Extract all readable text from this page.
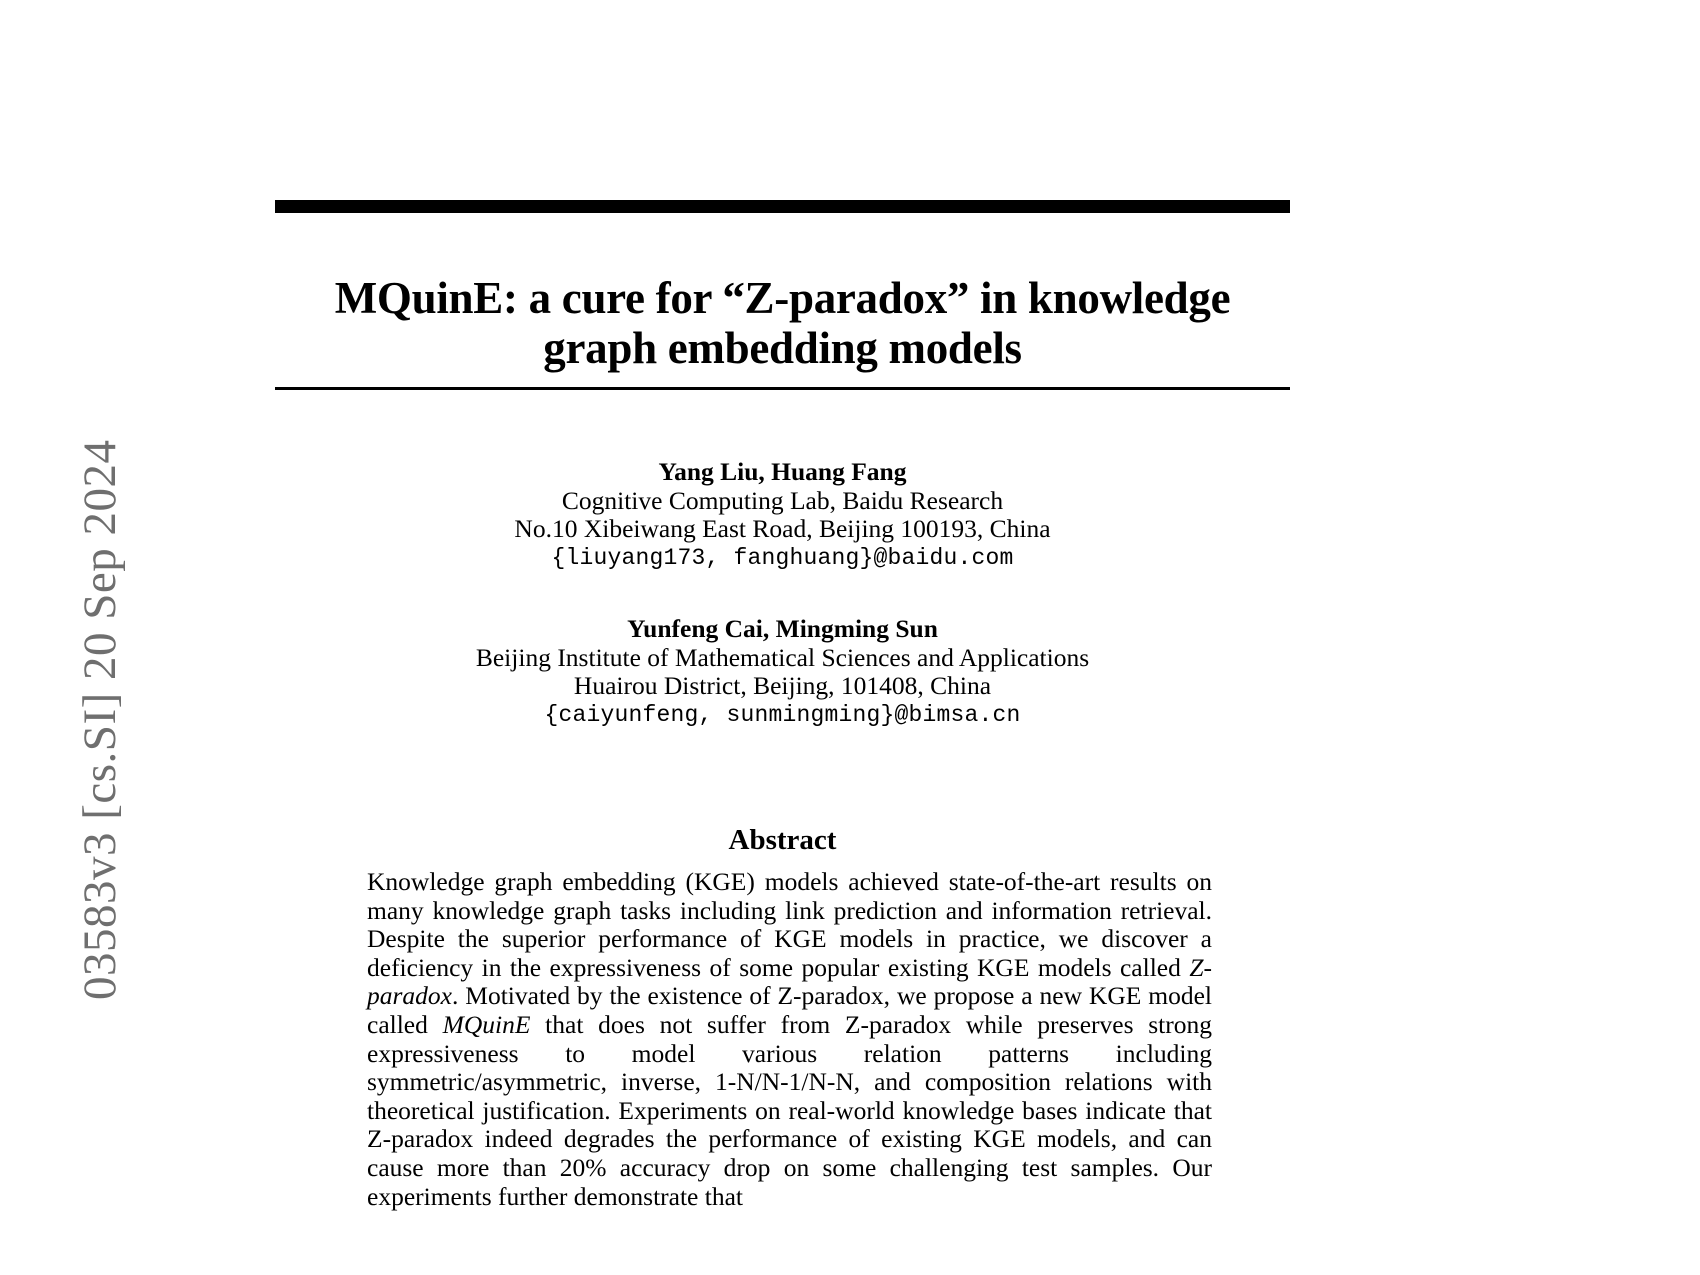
03583v3 [cs.SI] 20 Sep 2024
MQuinE: a cure for “Z-paradox” in knowledge graph embedding models

Yang Liu, Huang Fang

Cognitive Computing Lab, Baidu Research

No.10 Xibeiwang East Road, Beijing 100193, China

{liuyang173, fanghuang}@baidu.com

Yunfeng Cai, Mingming Sun

Beijing Institute of Mathematical Sciences and Applications

Huairou District, Beijing, 101408, China

{caiyunfeng, sunmingming}@bimsa.cn

Abstract
Knowledge graph embedding (KGE) models achieved state-of-the-art results on many knowledge graph tasks including link prediction and information retrieval. Despite the superior performance of KGE models in practice, we discover a deficiency in the expressiveness of some popular existing KGE models called Z-paradox. Motivated by the existence of Z-paradox, we propose a new KGE model called MQuinE that does not suffer from Z-paradox while preserves strong expressiveness to model various relation patterns including symmetric/asymmetric, inverse, 1-N/N-1/N-N, and composition relations with theoretical justification. Experiments on real-world knowledge bases indicate that Z-paradox indeed degrades the performance of existing KGE models, and can cause more than 20% accuracy drop on some challenging test samples. Our experiments further demonstrate that
